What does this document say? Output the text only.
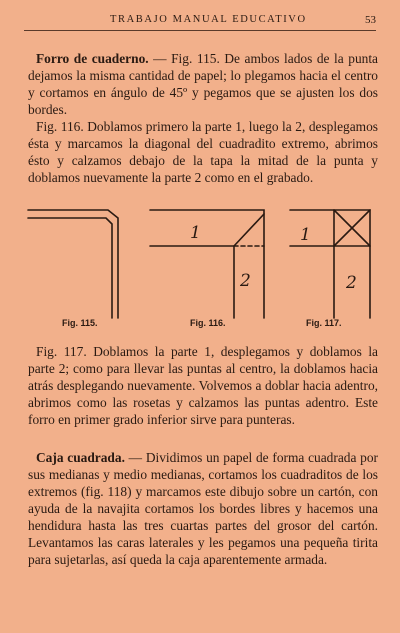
TRABAJO MANUAL EDUCATIVO	53

Forro de cuaderno. — Fig. 115. De ambos lados de la punta dejamos la misma cantidad de papel; lo plegamos hacia el centro y cortamos en ángulo de 45º y pegamos que se ajusten los dos bordes.

Fig. 116. Doblamos primero la parte 1, luego la 2, desplegamos ésta y marcamos la diagonal del cuadradito extremo, abrimos ésto y calzamos debajo de la tapa la mitad de la punta y doblamos nuevamente la parte 2 como en el grabado.

1
2
1
2
Fig. 115.	Fig. 116.	Fig. 117.

Fig. 117. Doblamos la parte 1, desplegamos y doblamos la parte 2; como para llevar las puntas al centro, la doblamos hacia atrás desplegando nuevamente. Volvemos a doblar hacia adentro, abrimos como las rosetas y calzamos las puntas adentro. Este forro en primer grado inferior sirve para punteras.

Caja cuadrada. — Dividimos un papel de forma cuadrada por sus medianas y medio medianas, cortamos los cuadraditos de los extremos (fig. 118) y marcamos este dibujo sobre un cartón, con ayuda de la navajita cortamos los bordes libres y hacemos una hendidura hasta las tres cuartas partes del grosor del cartón. Levantamos las caras laterales y les pegamos una pequeña tirita para sujetarlas, así queda la caja aparentemente armada.
